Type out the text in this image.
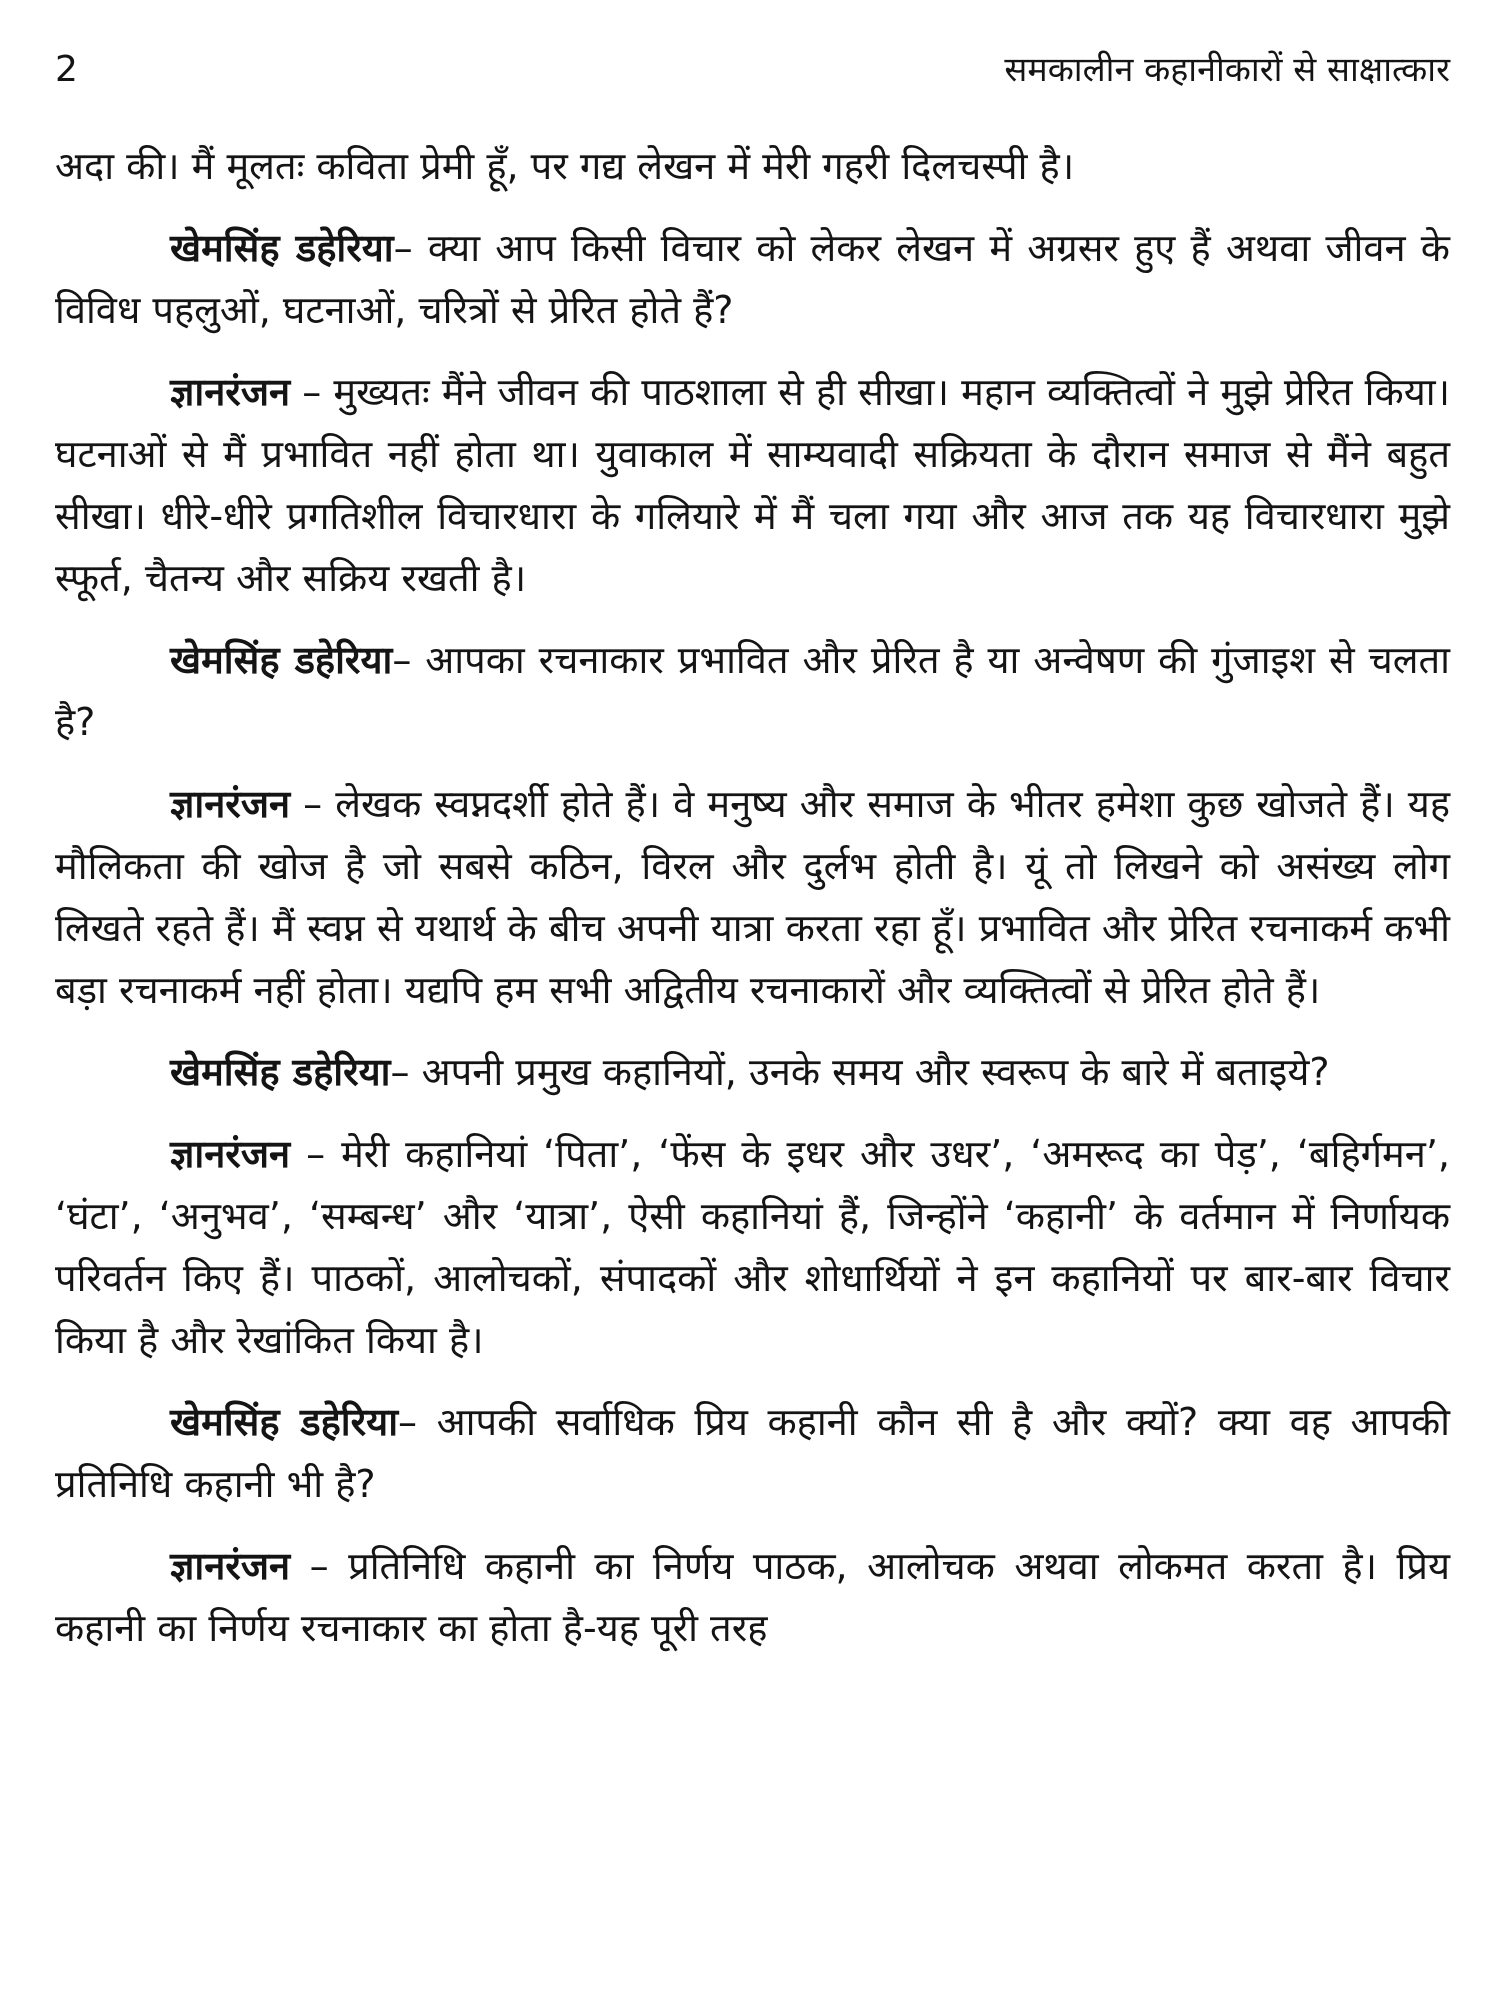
2	समकालीन कहानीकारों से साक्षात्कार

अदा की। मैं मूलतः कविता प्रेमी हूँ, पर गद्य लेखन में मेरी गहरी दिलचस्पी है।

खेमसिंह डहेरिया– क्या आप किसी विचार को लेकर लेखन में अग्रसर हुए हैं अथवा जीवन के विविध पहलुओं, घटनाओं, चरित्रों से प्रेरित होते हैं?

ज्ञानरंजन – मुख्यतः मैंने जीवन की पाठशाला से ही सीखा। महान व्यक्तित्वों ने मुझे प्रेरित किया। घटनाओं से मैं प्रभावित नहीं होता था। युवाकाल में साम्यवादी सक्रियता के दौरान समाज से मैंने बहुत सीखा। धीरे-धीरे प्रगतिशील विचारधारा के गलियारे में मैं चला गया और आज तक यह विचारधारा मुझे स्फूर्त, चैतन्य और सक्रिय रखती है।

खेमसिंह डहेरिया– आपका रचनाकार प्रभावित और प्रेरित है या अन्वेषण की गुंजाइश से चलता है?

ज्ञानरंजन – लेखक स्वप्नदर्शी होते हैं। वे मनुष्य और समाज के भीतर हमेशा कुछ खोजते हैं। यह मौलिकता की खोज है जो सबसे कठिन, विरल और दुर्लभ होती है। यूं तो लिखने को असंख्य लोग लिखते रहते हैं। मैं स्वप्न से यथार्थ के बीच अपनी यात्रा करता रहा हूँ। प्रभावित और प्रेरित रचनाकर्म कभी बड़ा रचनाकर्म नहीं होता। यद्यपि हम सभी अद्वितीय रचनाकारों और व्यक्तित्वों से प्रेरित होते हैं।

खेमसिंह डहेरिया– अपनी प्रमुख कहानियों, उनके समय और स्वरूप के बारे में बताइये?

ज्ञानरंजन – मेरी कहानियां ‘पिता’, ‘फेंस के इधर और उधर’, ‘अमरूद का पेड़’, ‘बहिर्गमन’, ‘घंटा’, ‘अनुभव’, ‘सम्बन्ध’ और ‘यात्रा’, ऐसी कहानियां हैं, जिन्होंने ‘कहानी’ के वर्तमान में निर्णायक परिवर्तन किए हैं। पाठकों, आलोचकों, संपादकों और शोधार्थियों ने इन कहानियों पर बार-बार विचार किया है और रेखांकित किया है।

खेमसिंह डहेरिया– आपकी सर्वाधिक प्रिय कहानी कौन सी है और क्यों? क्या वह आपकी प्रतिनिधि कहानी भी है?

ज्ञानरंजन – प्रतिनिधि कहानी का निर्णय पाठक, आलोचक अथवा लोकमत करता है। प्रिय कहानी का निर्णय रचनाकार का होता है-यह पूरी तरह
